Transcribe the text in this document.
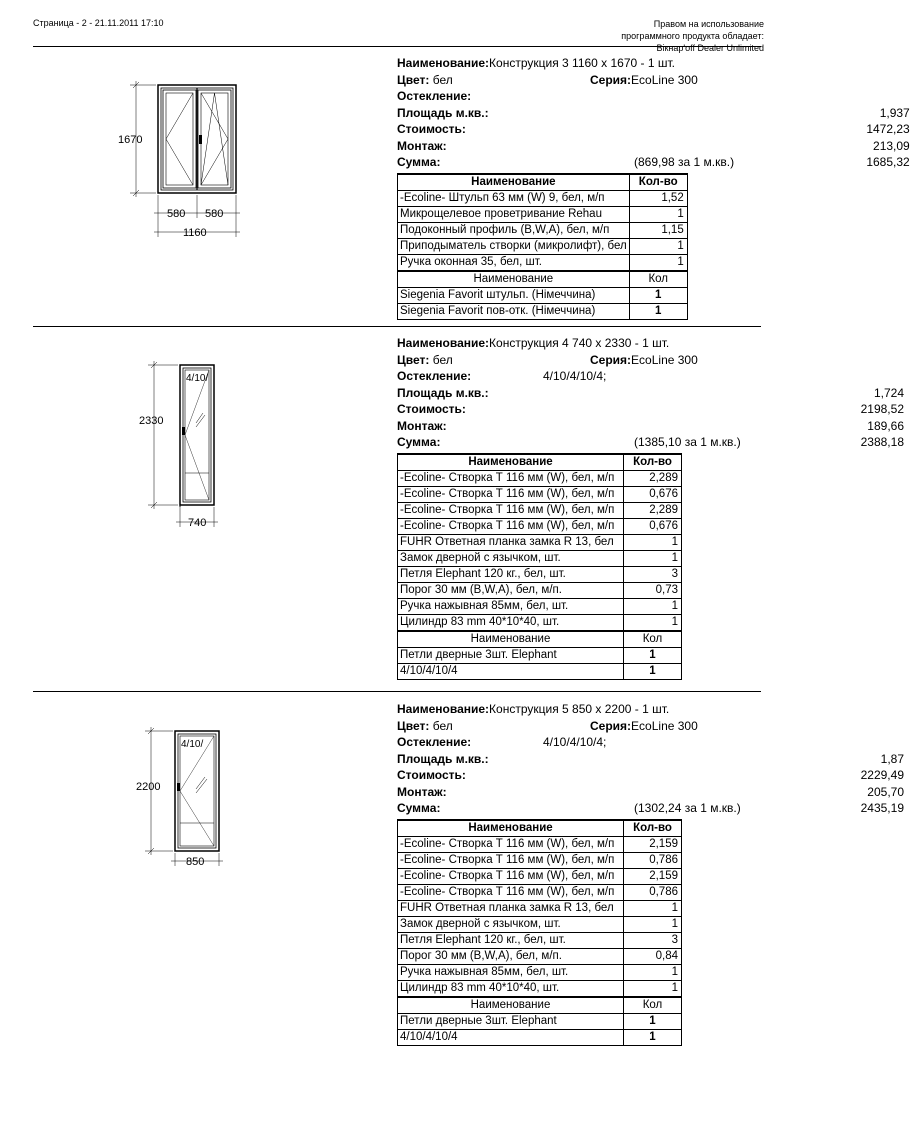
Страница - 2 - 21.11.2011 17:10	Правом на использование
программного продукта обладает:
Вікнар'off Dealer Unlimited
1670
580 580
1160
Наименование:Конструкция 3 1160 x 1670 - 1 шт.
Цвет: бел	Серия:EcoLine 300
Остекление:
Площадь м.кв.:	1,937
Стоимость:	1472,23
Монтаж:	213,09
Сумма:	1685,32
(869,98 за 1 м.кв.)
Наименование	Кол-во
-Ecoline- Штульп 63 мм (W) 9, бел, м/п	1,52
Микрощелевое проветривание Rehau	1
Подоконный профиль (B,W,A), бел, м/п	1,15
Приподыматель створки (микролифт), бел	1
Ручка оконная 35, бел, шт.	1
Наименование	Кол
Siegenia Favorit штульп. (Німеччина)	1
Siegenia Favorit пов-отк. (Німеччина)	1
4/10/
2330
740
Наименование:Конструкция 4 740 x 2330 - 1 шт.
Цвет: бел	Серия:EcoLine 300
Остекление:	4/10/4/10/4;
Площадь м.кв.:	1,724
Стоимость:	2198,52
Монтаж:	189,66
Сумма:	2388,18
(1385,10 за 1 м.кв.)
Наименование	Кол-во
-Ecoline- Створка Т 116 мм (W), бел, м/п	2,289
-Ecoline- Створка Т 116 мм (W), бел, м/п	0,676
-Ecoline- Створка Т 116 мм (W), бел, м/п	2,289
-Ecoline- Створка Т 116 мм (W), бел, м/п	0,676
FUHR Ответная планка замка R 13, бел	1
Замок дверной с язычком, шт.	1
Петля Elephant 120 кг., бел, шт.	3
Порог 30 мм (B,W,A), бел, м/п.	0,73
Ручка нажывная 85мм, бел, шт.	1
Цилиндр 83 mm 40*10*40, шт.	1
Наименование	Кол
Петли дверные 3шт. Elephant	1
4/10/4/10/4	1
4/10/
2200
850
Наименование:Конструкция 5 850 x 2200 - 1 шт.
Цвет: бел	Серия:EcoLine 300
Остекление:	4/10/4/10/4;
Площадь м.кв.:	1,87
Стоимость:	2229,49
Монтаж:	205,70
Сумма:	2435,19
(1302,24 за 1 м.кв.)
Наименование	Кол-во
-Ecoline- Створка Т 116 мм (W), бел, м/п	2,159
-Ecoline- Створка Т 116 мм (W), бел, м/п	0,786
-Ecoline- Створка Т 116 мм (W), бел, м/п	2,159
-Ecoline- Створка Т 116 мм (W), бел, м/п	0,786
FUHR Ответная планка замка R 13, бел	1
Замок дверной с язычком, шт.	1
Петля Elephant 120 кг., бел, шт.	3
Порог 30 мм (B,W,A), бел, м/п.	0,84
Ручка нажывная 85мм, бел, шт.	1
Цилиндр 83 mm 40*10*40, шт.	1
Наименование	Кол
Петли дверные 3шт. Elephant	1
4/10/4/10/4	1
